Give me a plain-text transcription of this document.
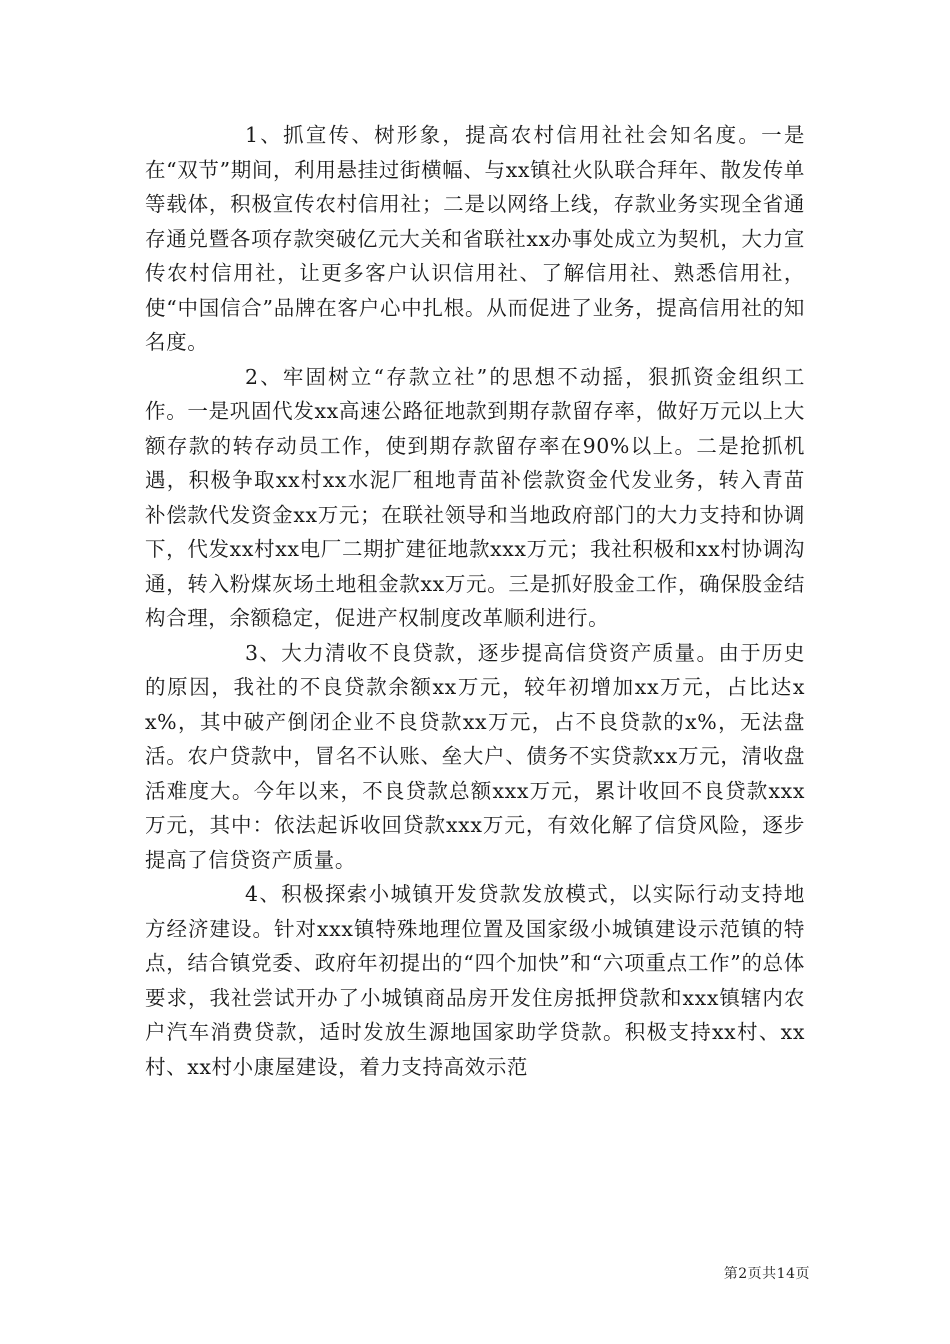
1、抓宣传、树形象，提高农村信用社社会知名度。一是在“双节”期间，利用悬挂过街横幅、与xx镇社火队联合拜年、散发传单等载体，积极宣传农村信用社；二是以网络上线，存款业务实现全省通存通兑暨各项存款突破亿元大关和省联社xx办事处成立为契机，大力宣传农村信用社，让更多客户认识信用社、了解信用社、熟悉信用社，使“中国信合”品牌在客户心中扎根。从而促进了业务，提高信用社的知名度。

2、牢固树立“存款立社”的思想不动摇，狠抓资金组织工作。一是巩固代发xx高速公路征地款到期存款留存率，做好万元以上大额存款的转存动员工作，使到期存款留存率在90%以上。二是抢抓机遇，积极争取xx村xx水泥厂租地青苗补偿款资金代发业务，转入青苗补偿款代发资金xx万元；在联社领导和当地政府部门的大力支持和协调下，代发xx村xx电厂二期扩建征地款xxx万元；我社积极和xx村协调沟通，转入粉煤灰场土地租金款xx万元。三是抓好股金工作，确保股金结构合理，余额稳定，促进产权制度改革顺利进行。

3、大力清收不良贷款，逐步提高信贷资产质量。由于历史的原因，我社的不良贷款余额xx万元，较年初增加xx万元，占比达xx%，其中破产倒闭企业不良贷款xx万元，占不良贷款的x%，无法盘活。农户贷款中，冒名不认账、垒大户、债务不实贷款xx万元，清收盘活难度大。今年以来，不良贷款总额xxx万元，累计收回不良贷款xxx万元，其中：依法起诉收回贷款xxx万元，有效化解了信贷风险，逐步提高了信贷资产质量。

4、积极探索小城镇开发贷款发放模式，以实际行动支持地方经济建设。针对xxx镇特殊地理位置及国家级小城镇建设示范镇的特点，结合镇党委、政府年初提出的“四个加快”和“六项重点工作”的总体要求，我社尝试开办了小城镇商品房开发住房抵押贷款和xxx镇辖内农户汽车消费贷款，适时发放生源地国家助学贷款。积极支持xx村、xx村、xx村小康屋建设，着力支持高效示范

第2页共14页
